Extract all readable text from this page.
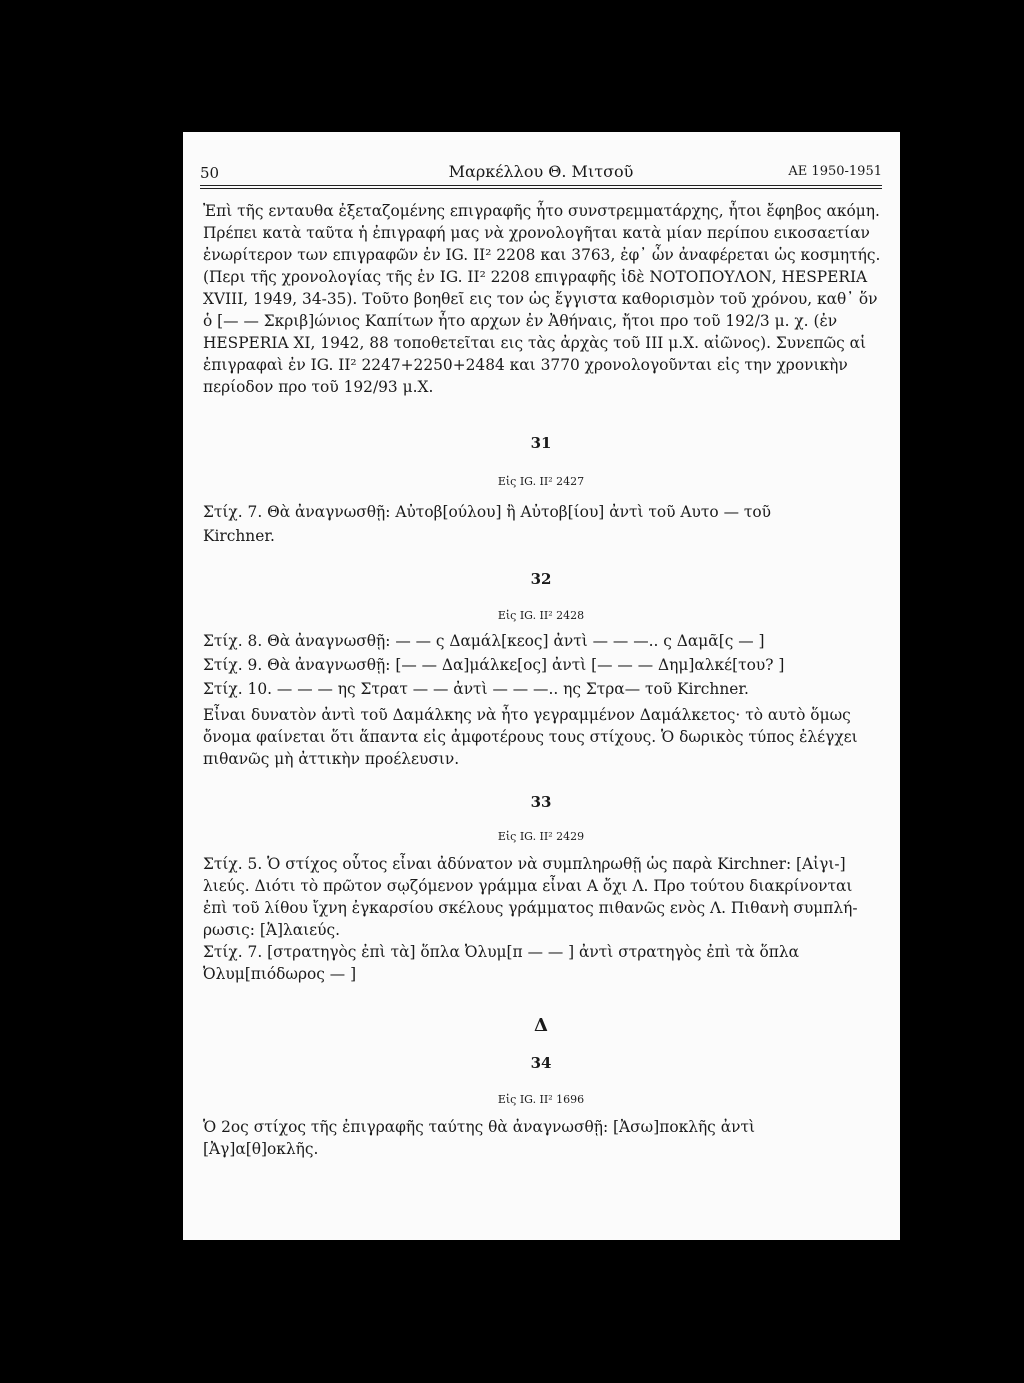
50	Μαρκέλλου Θ. Μιτσοῦ	ΑΕ 1950-1951
Ἐπὶ τῆς ενταυθα ἐξεταζομένης επιγραφῆς ἦτο συνστρεμματάρχης, ἦτοι ἔφηβος ακόμη.
Πρέπει κατὰ ταῦτα ἡ ἐπιγραφή μας νὰ χρονολογῆται κατὰ μίαν περίπου εικοσαετίαν
ἐνωρίτερον των επιγραφῶν ἐν IG. II² 2208 και 3763, ἐφ᾽ ὧν ἀναφέρεται ὡς κοσμητής.
(Περι τῆς χρονολογίας τῆς ἐν IG. II² 2208 επιγραφῆς ἰδὲ ΝΟΤΟΠΟΥΛΟΝ, HESPERIA
XVIII, 1949, 34-35). Τοῦτο βοηθεῖ εις τον ὡς ἔγγιστα καθορισμὸν τοῦ χρόνου, καθ᾽ ὅν
ὁ [— — Σκριβ]ώνιος Καπίτων ἦτο αρχων ἐν Ἀθήναις, ἤτοι προ τοῦ 192/3 μ. χ. (ἐν
HESPERIA XI, 1942, 88 τοποθετεῖται εις τὰς ἀρχὰς τοῦ III μ.Χ. αἰῶνος). Συνεπῶς αἱ
ἐπιγραφαὶ ἐν IG. II² 2247+2250+2484 και 3770 χρονολογοῦνται εἰς την χρονικὴν
περίοδον προ τοῦ 192/93 μ.Χ.
31
Εἰς IG. II² 2427
Στίχ. 7. Θὰ ἀναγνωσθῇ: Αὐτοβ[ούλου] ἢ Αὐτοβ[ίου] ἀντὶ τοῦ Αυτο — τοῦ
Kirchner.
32
Εἰς IG. II² 2428
Στίχ. 8. Θὰ ἀναγνωσθῇ: — — ς Δαμάλ[κεος] ἀντὶ — — —.. ς Δαμᾶ[ς — ]
Στίχ. 9. Θὰ ἀναγνωσθῇ: [— — Δα]μάλκε[ος] ἀντὶ [— — — Δημ]αλκέ[του? ]
Στίχ. 10. — — — ης Στρατ — — ἀντὶ — — —.. ης Στρα— τοῦ Kirchner.
Εἶναι δυνατὸν ἀντὶ τοῦ Δαμάλκης νὰ ἦτο γεγραμμένον Δαμάλκετος· τὸ αυτὸ ὅμως
ὄνομα φαίνεται ὅτι ἅπαντα εἰς ἀμφοτέρους τους στίχους. Ὁ δωρικὸς τύπος ἐλέγχει
πιθανῶς μὴ ἀττικὴν προέλευσιν.
33
Εἰς IG. II² 2429
Στίχ. 5. Ὁ στίχος οὗτος εἶναι ἀδύνατον νὰ συμπληρωθῇ ὡς παρὰ Kirchner: [Αἰγι-]
λιεύς. Διότι τὸ πρῶτον σῳζόμενον γράμμα εἶναι Α ὄχι Λ. Προ τούτου διακρίνονται
ἐπὶ τοῦ λίθου ἴχνη ἐγκαρσίου σκέλους γράμματος πιθανῶς ενὸς Λ. Πιθανὴ συμπλή-
ρωσις: [Ἁ]λαιεύς.
Στίχ. 7. [στρατηγὸς ἐπὶ τὰ] ὅπλα Ὀλυμ[π — — ] ἀντὶ στρατηγὸς ἐπὶ τὰ ὅπλα
Ὀλυμ[πιόδωρος — ]
Δ
34
Εἰς IG. II² 1696
Ὁ 2ος στίχος τῆς ἐπιγραφῆς ταύτης θὰ ἀναγνωσθῇ: [Ἀσω]ποκλῆς ἀντὶ
[Ἀγ]α[θ]οκλῆς.
